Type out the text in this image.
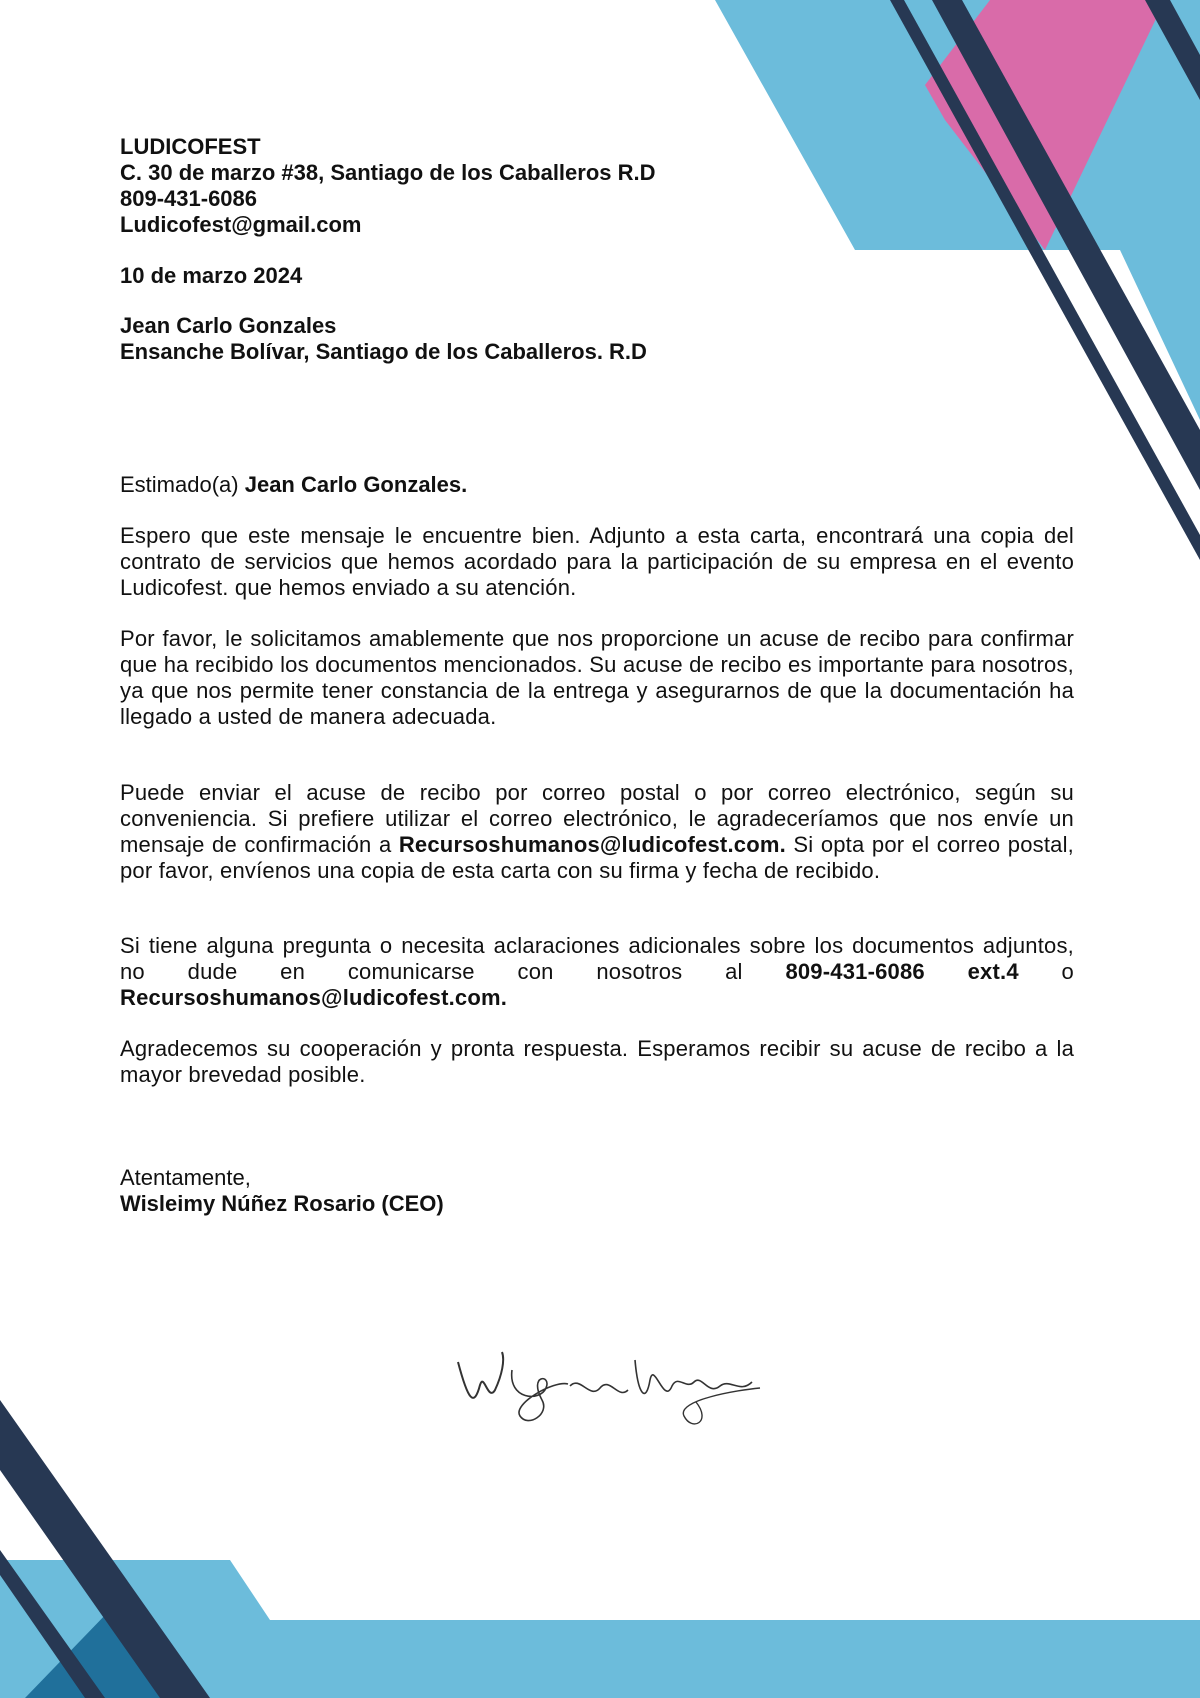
LUDICOFEST
C. 30 de marzo #38, Santiago de los Caballeros R.D
809-431-6086
Ludicofest@gmail.com
10 de marzo 2024
Jean Carlo Gonzales
Ensanche Bolívar, Santiago de los Caballeros. R.D
Estimado(a) Jean Carlo Gonzales.

Espero que este mensaje le encuentre bien. Adjunto a esta carta, encontrará una copia del contrato de servicios que hemos acordado para la participación de su empresa en el evento Ludicofest. que hemos enviado a su atención.

Por favor, le solicitamos amablemente que nos proporcione un acuse de recibo para confirmar que ha recibido los documentos mencionados. Su acuse de recibo es importante para nosotros, ya que nos permite tener constancia de la entrega y asegurarnos de que la documentación ha llegado a usted de manera adecuada.

Puede enviar el acuse de recibo por correo postal o por correo electrónico, según su conveniencia. Si prefiere utilizar el correo electrónico, le agradeceríamos que nos envíe un mensaje de confirmación a Recursoshumanos@ludicofest.com. Si opta por el correo postal, por favor, envíenos una copia de esta carta con su firma y fecha de recibido.

Si tiene alguna pregunta o necesita aclaraciones adicionales sobre los documentos adjuntos, no dude en comunicarse con nosotros al 809-431-6086 ext.4 o Recursoshumanos@ludicofest.com.

Agradecemos su cooperación y pronta respuesta. Esperamos recibir su acuse de recibo a la mayor brevedad posible.

Atentamente,
Wisleimy Núñez Rosario (CEO)
